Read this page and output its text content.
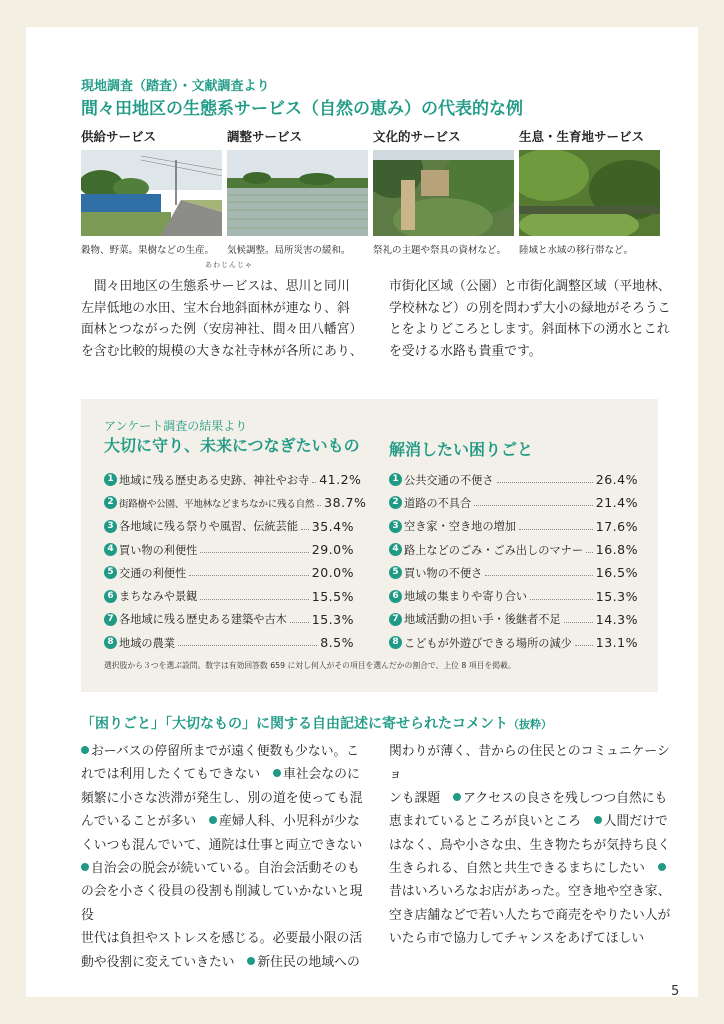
現地調査（踏査）・文献調査より
間々田地区の生態系サービス（自然の恵み）の代表的な例
供給サービス	調整サービス	文化的サービス	生息・生育地サービス
穀物、野菜。果樹などの生産。 気候調整。局所災害の緩和。 祭礼の主題や祭具の資材など。 陸域と水域の移行帯など。
あわじんじゃ
　間々田地区の生態系サービスは、思川と同川
左岸低地の水田、宝木台地斜面林が連なり、斜
面林とつながった例（安房神社、間々田八幡宮）
を含む比較的規模の大きな社寺林が各所にあり、
市街化区域（公園）と市街化調整区域（平地林、
学校林など）の別を問わず大小の緑地がそろうこ
とをよりどころとします。斜面林下の湧水とこれ
を受ける水路も貴重です。
アンケート調査の結果より
大切に守り、未来につなぎたいもの 解消したい困りごと
1 地域に残る歴史ある史跡、神社やお寺 41.2%
2 街路樹や公園、平地林などまちなかに残る自然 38.7%
3 各地域に残る祭りや風習、伝統芸能 35.4%
4 買い物の利便性	29.0%
5 交通の利便性	20.0%
6 まちなみや景観	15.5%
7 各地域に残る歴史ある建築や古木 15.3%
8 地域の農業	8.5%
1 公共交通の不便さ	26.4%
2 道路の不具合	21.4%
3 空き家・空き地の増加	17.6%
4 路上などのごみ・ごみ出しのマナー 16.8%
5 買い物の不便さ	16.5%
6 地域の集まりや寄り合い	15.3%
7 地域活動の担い手・後継者不足	14.3%
8 こどもが外遊びできる場所の減少 13.1%
選択肢から３つを選ぶ設問。数字は有効回答数 659 に対し何人がその項目を選んだかの割合で、上位 8 項目を掲載。
「困りごと」「大切なもの」に関する自由記述に寄せられたコメント（抜粋）
おーバスの停留所までが遠く便数も少ない。こ
れでは利用したくてもできない　車社会なのに
頻繁に小さな渋滞が発生し、別の道を使っても混
んでいることが多い　産婦人科、小児科が少な
くいつも混んでいて、通院は仕事と両立できない
自治会の脱会が続いている。自治会活動そのも
の会を小さく役員の役割も削減していかないと現役
世代は負担やストレスを感じる。必要最小限の活
動や役割に変えていきたい　新住民の地域への
関わりが薄く、昔からの住民とのコミュニケーショ
ンも課題　アクセスの良さを残しつつ自然にも
恵まれているところが良いところ　人間だけで
はなく、鳥や小さな虫、生き物たちが気持ち良く
生きられる、自然と共生できるまちにしたい　
昔はいろいろなお店があった。空き地や空き家、
空き店舗などで若い人たちで商売をやりたい人が
いたら市で協力してチャンスをあげてほしい
5
